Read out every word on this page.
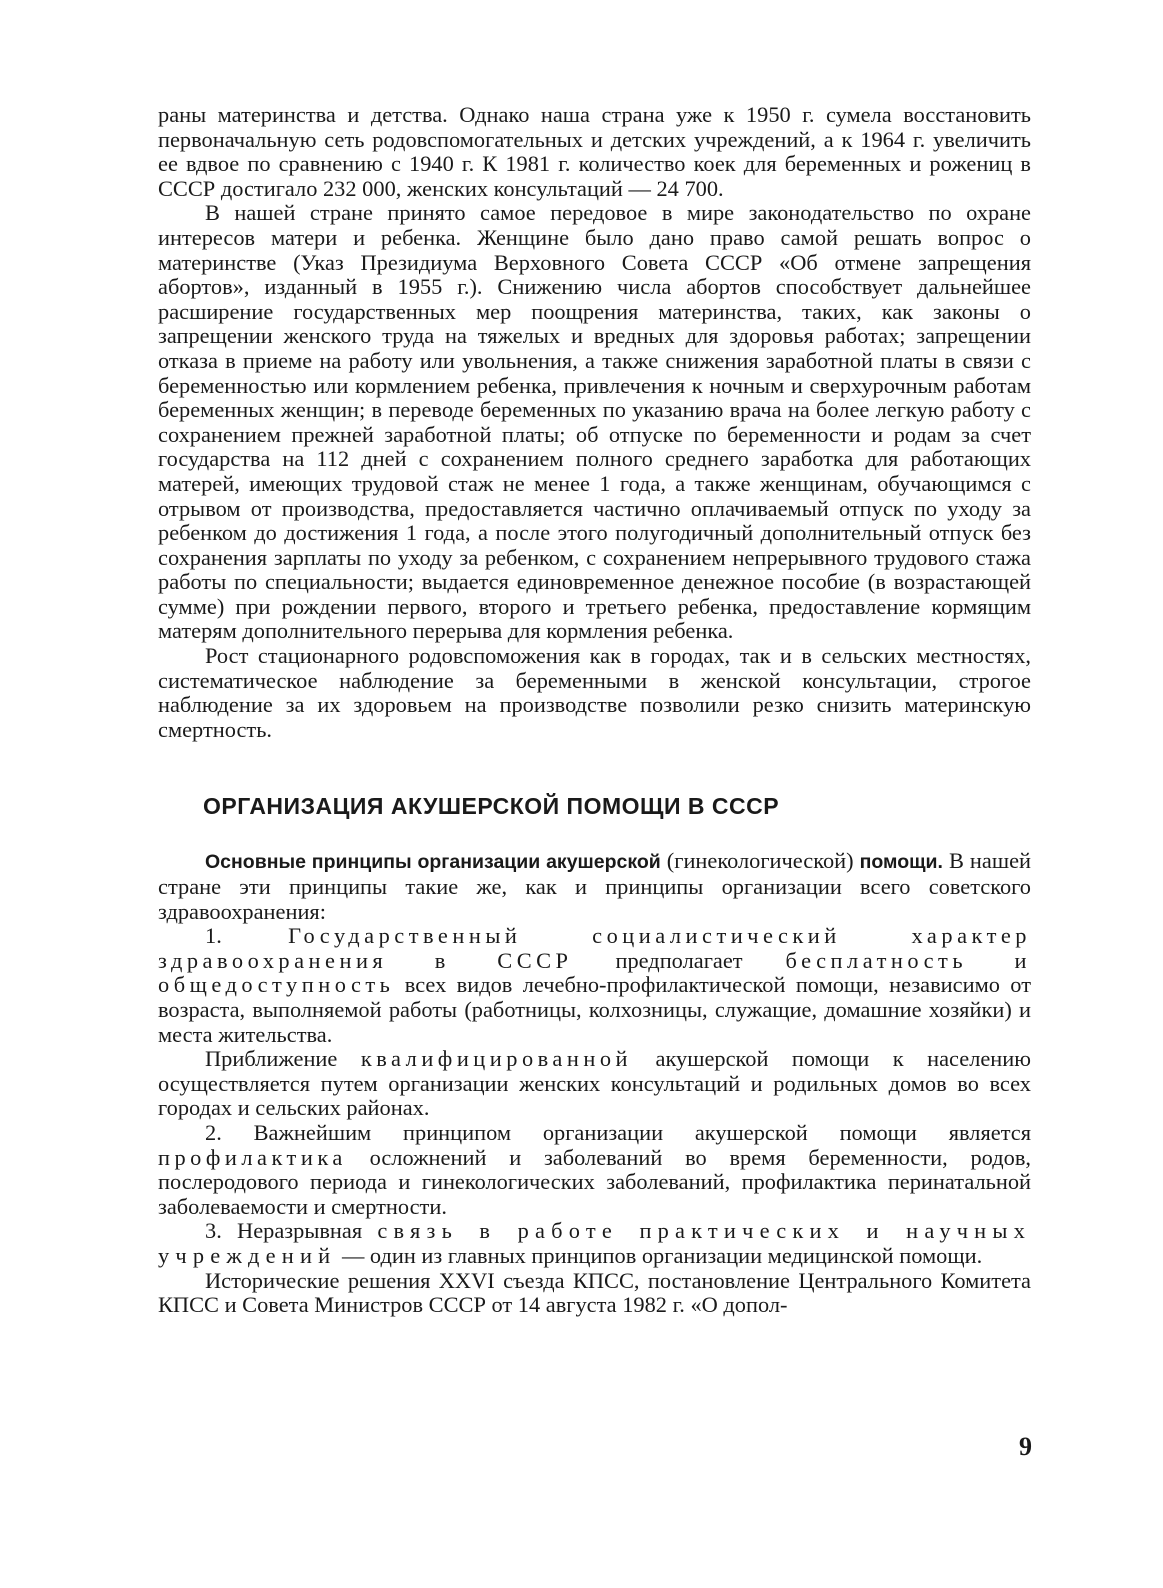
раны материнства и детства. Однако наша страна уже к 1950 г. сумела восстановить первоначальную сеть родовспомогательных и детских учреждений, а к 1964 г. увеличить ее вдвое по сравнению с 1940 г. К 1981 г. количество коек для беременных и рожениц в СССР достигало 232 000, женских консультаций — 24 700.

В нашей стране принято самое передовое в мире законодательство по охране интересов матери и ребенка. Женщине было дано право самой решать вопрос о материнстве (Указ Президиума Верховного Совета СССР «Об отмене запрещения абортов», изданный в 1955 г.). Снижению числа абортов способствует дальнейшее расширение государственных мер поощрения материнства, таких, как законы о запрещении женского труда на тяжелых и вредных для здоровья работах; запрещении отказа в приеме на работу или увольнения, а также снижения заработной платы в связи с беременностью или кормлением ребенка, привлечения к ночным и сверхурочным работам беременных женщин; в переводе беременных по указанию врача на более легкую работу с сохранением прежней заработной платы; об отпуске по беременности и родам за счет государства на 112 дней с сохранением полного среднего заработка для работающих матерей, имеющих трудовой стаж не менее 1 года, а также женщинам, обучающимся с отрывом от производства, предоставляется частично оплачиваемый отпуск по уходу за ребенком до достижения 1 года, а после этого полугодичный дополнительный отпуск без сохранения зарплаты по уходу за ребенком, с сохранением непрерывного трудового стажа работы по специальности; выдается единовременное денежное пособие (в возрастающей сумме) при рождении первого, второго и третьего ребенка, предоставление кормящим матерям дополнительного перерыва для кормления ребенка.

Рост стационарного родовспоможения как в городах, так и в сельских местностях, систематическое наблюдение за беременными в женской консультации, строгое наблюдение за их здоровьем на производстве позволили резко снизить материнскую смертность.

ОРГАНИЗАЦИЯ АКУШЕРСКОЙ ПОМОЩИ В СССР

Основные принципы организации акушерской (гинекологической) помощи. В нашей стране эти принципы такие же, как и принципы организации всего советского здравоохранения:

1. Государственный социалистический характер здравоохранения в СССР предполагает бесплатность и общедоступность всех видов лечебно-профилактической помощи, независимо от возраста, выполняемой работы (работницы, колхозницы, служащие, домашние хозяйки) и места жительства.

Приближение квалифицированной акушерской помощи к населению осуществляется путем организации женских консультаций и родильных домов во всех городах и сельских районах.

2. Важнейшим принципом организации акушерской помощи является профилактика осложнений и заболеваний во время беременности, родов, послеродового периода и гинекологических заболеваний, профилактика перинатальной заболеваемости и смертности.

3. Неразрывная связь в работе практических и научных учреждений — один из главных принципов организации медицинской помощи.

Исторические решения XXVI съезда КПСС, постановление Центрального Комитета КПСС и Совета Министров СССР от 14 августа 1982 г. «О допол-

9
